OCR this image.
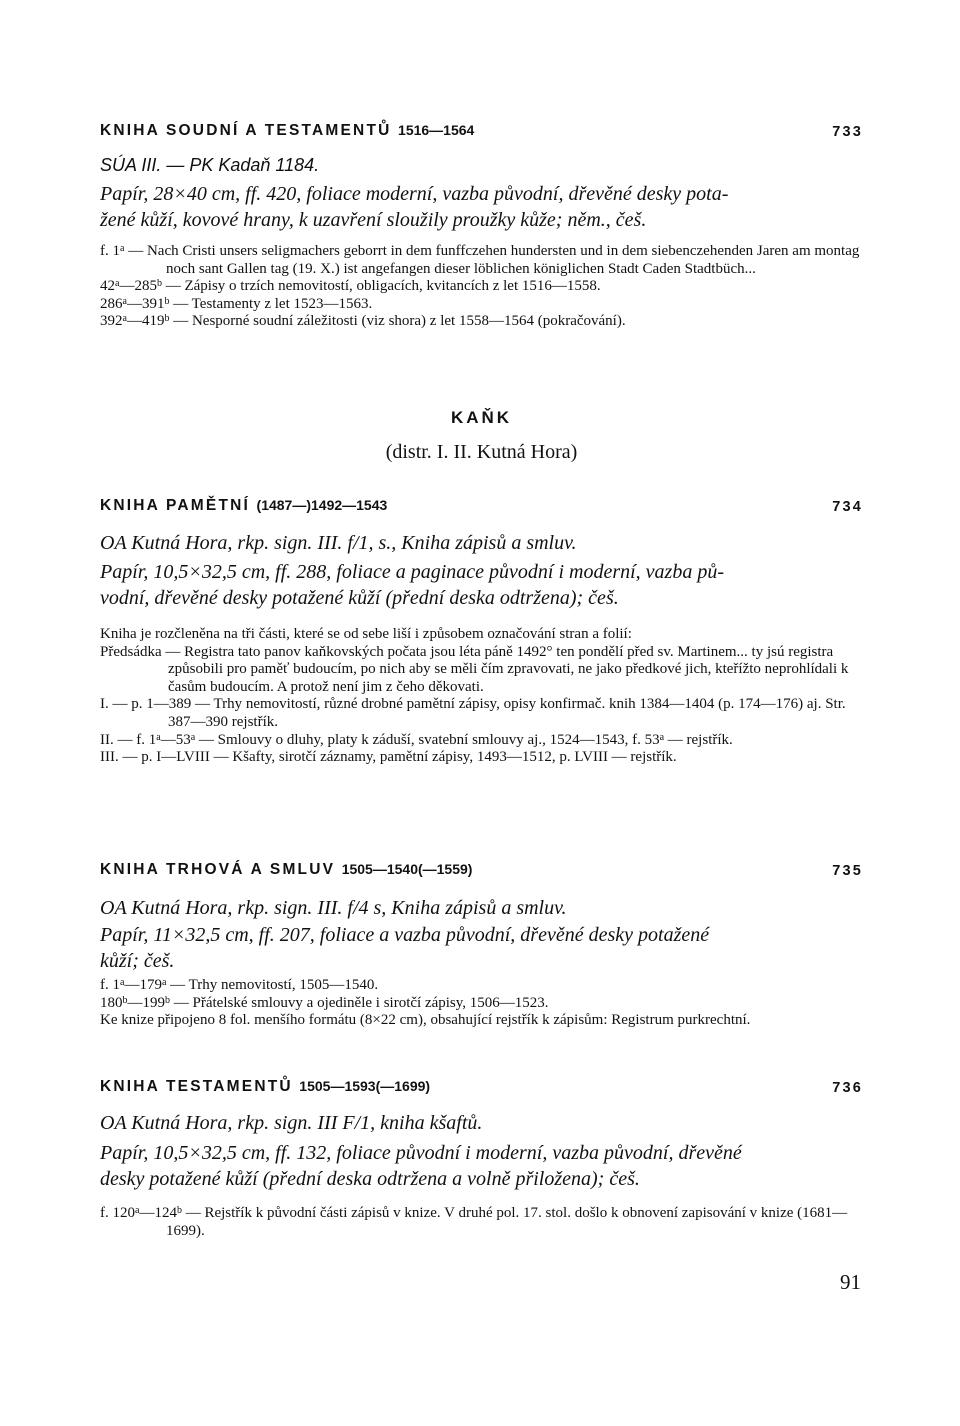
KNIHA SOUDNÍ A TESTAMENTŮ 1516—1564	733
SÚA III. — PK Kadaň 1184.
Papír, 28×40 cm, ff. 420, foliace moderní, vazba původní, dřevěné desky pota-
žené kůží, kovové hrany, k uzavření sloužily proužky kůže; něm., češ.

f. 1$^a$ — Nach Cristi unsers seligmachers geborrt in dem funffczehen hundersten und in dem siebenczehenden Jaren am montag noch sant Gallen tag (19. X.) ist angefangen dieser löblichen königlichen Stadt Caden Stadtbüch...

42$^a$—285$^b$ — Zápisy o trzích nemovitostí, obligacích, kvitancích z let 1516—1558.

286$^a$—391$^b$ — Testamenty z let 1523—1563.

392$^a$—419$^b$ — Nesporné soudní záležitosti (viz shora) z let 1558—1564 (pokračování).

KAŇK
(distr. I. II. Kutná Hora)
KNIHA PAMĚTNÍ (1487—)1492—1543	734
OA Kutná Hora, rkp. sign. III. f/1, s., Kniha zápisů a smluv.
Papír, 10,5×32,5 cm, ff. 288, foliace a paginace původní i moderní, vazba pů-
vodní, dřevěné desky potažené kůží (přední deska odtržena); češ.

Kniha je rozčleněna na tři části, které se od sebe liší i způsobem označování stran a folií:

Předsádka — Registra tato panov kaňkovských počata jsou léta páně 1492° ten pondělí před sv. Martinem... ty jsú registra způsobili pro paměť budoucím, po nich aby se měli čím zpravovati, ne jako předkové jich, kteřížto neprohlídali k časům budoucím. A protož není jim z čeho děkovati.

I. — p. 1—389 — Trhy nemovitostí, různé drobné pamětní zápisy, opisy konfirmač. knih 1384—1404 (p. 174—176) aj. Str. 387—390 rejstřík.

II. — f. 1$^a$—53$^a$ — Smlouvy o dluhy, platy k záduší, svatební smlouvy aj., 1524—1543, f. 53$^a$ — rejstřík.

III. — p. I—LVIII — Kšafty, sirotčí záznamy, pamětní zápisy, 1493—1512, p. LVIII — rejstřík.

KNIHA TRHOVÁ A SMLUV 1505—1540(—1559)	735
OA Kutná Hora, rkp. sign. III. f/4 s, Kniha zápisů a smluv.
Papír, 11×32,5 cm, ff. 207, foliace a vazba původní, dřevěné desky potažené
kůží; češ.

f. 1$^a$—179$^a$ — Trhy nemovitostí, 1505—1540.

180$^b$—199$^b$ — Přátelské smlouvy a ojediněle i sirotčí zápisy, 1506—1523.

Ke knize připojeno 8 fol. menšího formátu (8×22 cm), obsahující rejstřík k zápisům: Registrum purkrechtní.

KNIHA TESTAMENTŮ 1505—1593(—1699)	736
OA Kutná Hora, rkp. sign. III F/1, kniha kšaftů.
Papír, 10,5×32,5 cm, ff. 132, foliace původní i moderní, vazba původní, dřevěné
desky potažené kůží (přední deska odtržena a volně přiložena); češ.

f. 120$^a$—124$^b$ — Rejstřík k původní části zápisů v knize. V druhé pol. 17. stol. došlo k obnovení zapisování v knize (1681—1699).

91
